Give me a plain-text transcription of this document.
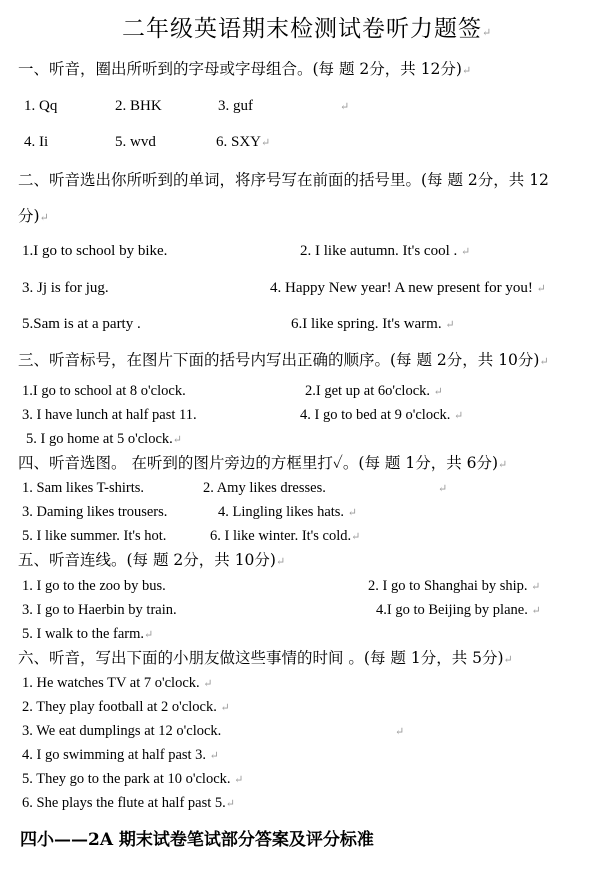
二年级英语期末检测试卷听力题签↵
一、听音，圈出所听到的字母或字母组合。(每 题 2分，共 12分)↵
1. Qq	2. BHK	3. guf	↵
4. Ii	5. wvd	6. SXY↵
二、听音选出你所听到的单词，将序号写在前面的括号里。(每 题 2分，共 12
分)↵
1.I go to school by bike.	2. I like autumn. It's cool . ↵
3. Jj is for jug.	4. Happy New year! A new present for you! ↵
5.Sam is at a party .	6.I like spring. It's warm. ↵
三、听音标号，在图片下面的括号内写出正确的顺序。(每 题 2分，共 10分)↵
1.I go to school at 8 o'clock.	2.I get up at 6o'clock. ↵
3. I have lunch at half past 11.	4. I go to bed at 9 o'clock. ↵
5. I go home at 5 o'clock.↵
四、听音选图。 在听到的图片旁边的方框里打✓。(每 题 1分，共 6分)↵
1. Sam likes T-shirts.	2. Amy likes dresses.	↵
3. Daming likes trousers.	4. Lingling likes hats. ↵
5. I like summer. It's hot.	6. I like winter. It's cold.↵
五、听音连线。(每 题 2分，共 10分)↵
1. I go to the zoo by bus.	2. I go to Shanghai by ship. ↵
3. I go to Haerbin by train.	4.I go to Beijing by plane. ↵
5. I walk to the farm.↵
六、听音，写出下面的小朋友做这些事情的时间 。(每 题 1分，共 5分)↵
1. He watches TV at 7 o'clock. ↵
2. They play football at 2 o'clock. ↵
3. We eat dumplings at 12 o'clock.	↵
4. I go swimming at half past 3. ↵
5. They go to the park at 10 o'clock. ↵
6. She plays the flute at half past 5.↵
四小——2A 期末试卷笔试部分答案及评分标准
